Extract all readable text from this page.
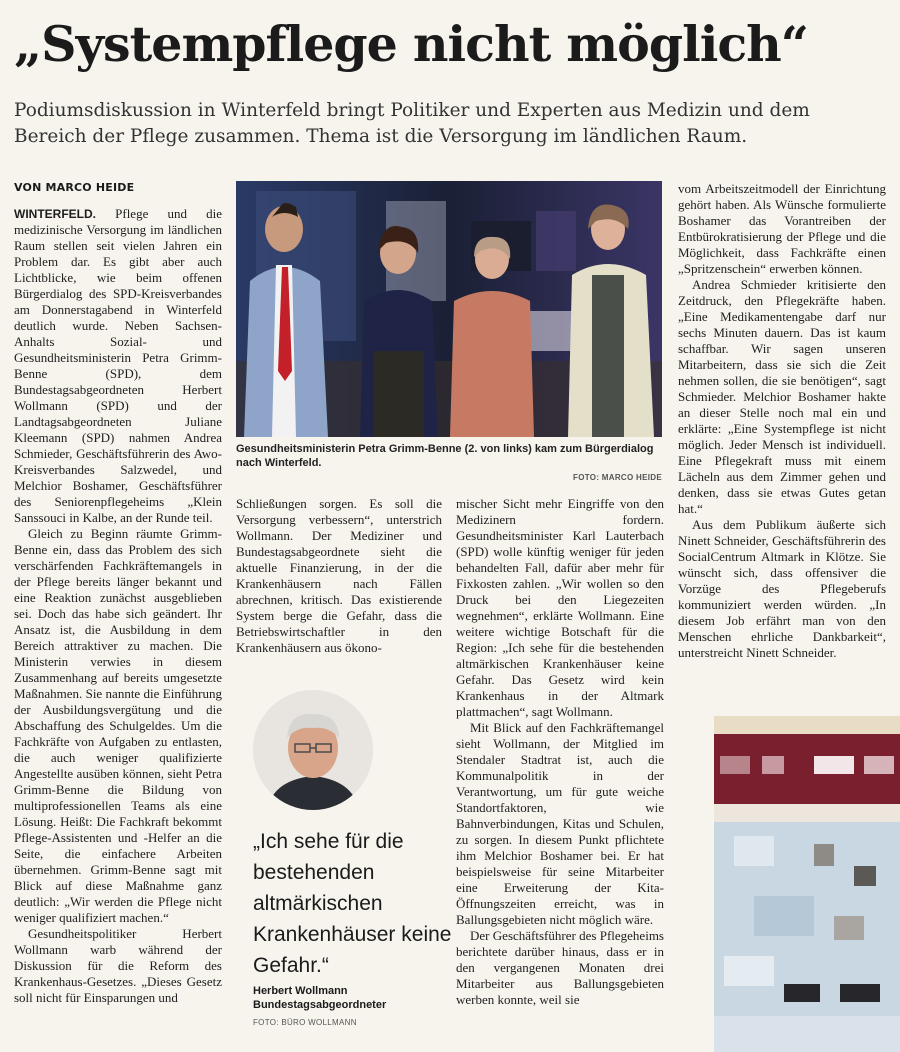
„Systempflege nicht möglich“
Podiumsdiskussion in Winterfeld bringt Politiker und Experten aus Medizin und dem Bereich der Pflege zusammen. Thema ist die Versorgung im ländlichen Raum.
VON MARCO HEIDE

WINTERFELD. Pflege und die medizinische Versorgung im ländlichen Raum stellen seit vielen Jahren ein Problem dar. Es gibt aber auch Lichtblicke, wie beim offenen Bürgerdialog des SPD-Kreisverbandes am Donnerstagabend in Winterfeld deutlich wurde. Neben Sachsen-Anhalts Sozial- und Gesundheitsministerin Petra Grimm-Benne (SPD), dem Bundestagsabgeordneten Herbert Wollmann (SPD) und der Landtagsabgeordneten Juliane Kleemann (SPD) nahmen Andrea Schmieder, Geschäftsführerin des Awo-Kreisverbandes Salzwedel, und Melchior Boshamer, Geschäftsführer des Seniorenpflegeheims „Klein Sanssouci in Kalbe, an der Runde teil.

Gleich zu Beginn räumte Grimm-Benne ein, dass das Problem des sich verschärfenden Fachkräftemangels in der Pflege bereits länger bekannt und eine Reaktion zunächst ausgeblieben sei. Doch das habe sich geändert. Ihr Ansatz ist, die Ausbildung in dem Bereich attraktiver zu machen. Die Ministerin verwies in diesem Zusammenhang auf bereits umgesetzte Maßnahmen. Sie nannte die Einführung der Ausbildungsvergütung und die Abschaffung des Schulgeldes. Um die Fachkräfte von Aufgaben zu entlasten, die auch weniger qualifizierte Angestellte ausüben können, sieht Petra Grimm-Benne die Bildung von multiprofessionellen Teams als eine Lösung. Heißt: Die Fachkraft bekommt Pflege-Assistenten und -Helfer an die Seite, die einfachere Arbeiten übernehmen. Grimm-Benne sagt mit Blick auf diese Maßnahme ganz deutlich: „Wir werden die Pflege nicht weniger qualifiziert machen.“

Gesundheitspolitiker Herbert Wollmann warb während der Diskussion für die Reform des Krankenhaus-Gesetzes. „Dieses Gesetz soll nicht für Einsparungen und

Gesundheitsministerin Petra Grimm-Benne (2. von links) kam zum Bürgerdialog nach Winterfeld.
FOTO: MARCO HEIDE

Schließungen sorgen. Es soll die Versorgung verbessern“, unterstrich Wollmann. Der Mediziner und Bundestagsabgeordnete sieht die aktuelle Finanzierung, in der die Krankenhäusern nach Fällen abrechnen, kritisch. Das existierende System berge die Gefahr, dass die Betriebswirtschaftler in den Krankenhäusern aus ökono-

„Ich sehe für die bestehenden altmärkischen Krankenhäuser keine Gefahr.“
Herbert Wollmann
Bundestagsabgeordneter
FOTO: BÜRO WOLLMANN

mischer Sicht mehr Eingriffe von den Medizinern fordern. Gesundheitsminister Karl Lauterbach (SPD) wolle künftig weniger für jeden behandelten Fall, dafür aber mehr für Fixkosten zahlen. „Wir wollen so den Druck bei den Liegezeiten wegnehmen“, erklärte Wollmann. Eine weitere wichtige Botschaft für die Region: „Ich sehe für die bestehenden altmärkischen Krankenhäuser keine Gefahr. Das Gesetz wird kein Krankenhaus in der Altmark plattmachen“, sagt Wollmann.

Mit Blick auf den Fachkräftemangel sieht Wollmann, der Mitglied im Stendaler Stadtrat ist, auch die Kommunalpolitik in der Verantwortung, um für gute weiche Standortfaktoren, wie Bahnverbindungen, Kitas und Schulen, zu sorgen. In diesem Punkt pflichtete ihm Melchior Boshamer bei. Er hat beispielsweise für seine Mitarbeiter eine Erweiterung der Kita-Öffnungszeiten erreicht, was in Ballungsgebieten nicht möglich wäre.

Der Geschäftsführer des Pflegeheims berichtete darüber hinaus, dass er in den vergangenen Monaten drei Mitarbeiter aus Ballungsgebieten werben konnte, weil sie

vom Arbeitszeitmodell der Einrichtung gehört haben. Als Wünsche formulierte Boshamer das Vorantreiben der Entbürokratisierung der Pflege und die Möglichkeit, dass Fachkräfte einen „Spritzenschein“ erwerben können.

Andrea Schmieder kritisierte den Zeitdruck, den Pflegekräfte haben. „Eine Medikamentengabe darf nur sechs Minuten dauern. Das ist kaum schaffbar. Wir sagen unseren Mitarbeitern, dass sie sich die Zeit nehmen sollen, die sie benötigen“, sagt Schmieder. Melchior Boshamer hakte an dieser Stelle noch mal ein und erklärte: „Eine Systempflege ist nicht möglich. Jeder Mensch ist individuell. Eine Pflegekraft muss mit einem Lächeln aus dem Zimmer gehen und denken, dass sie etwas Gutes getan hat.“

Aus dem Publikum äußerte sich Ninett Schneider, Geschäftsführerin des SocialCentrum Altmark in Klötze. Sie wünscht sich, dass offensiver die Vorzüge des Pflegeberufs kommuniziert werden würden. „In diesem Job erfährt man von den Menschen ehrliche Dankbarkeit“, unterstreicht Ninett Schneider.
